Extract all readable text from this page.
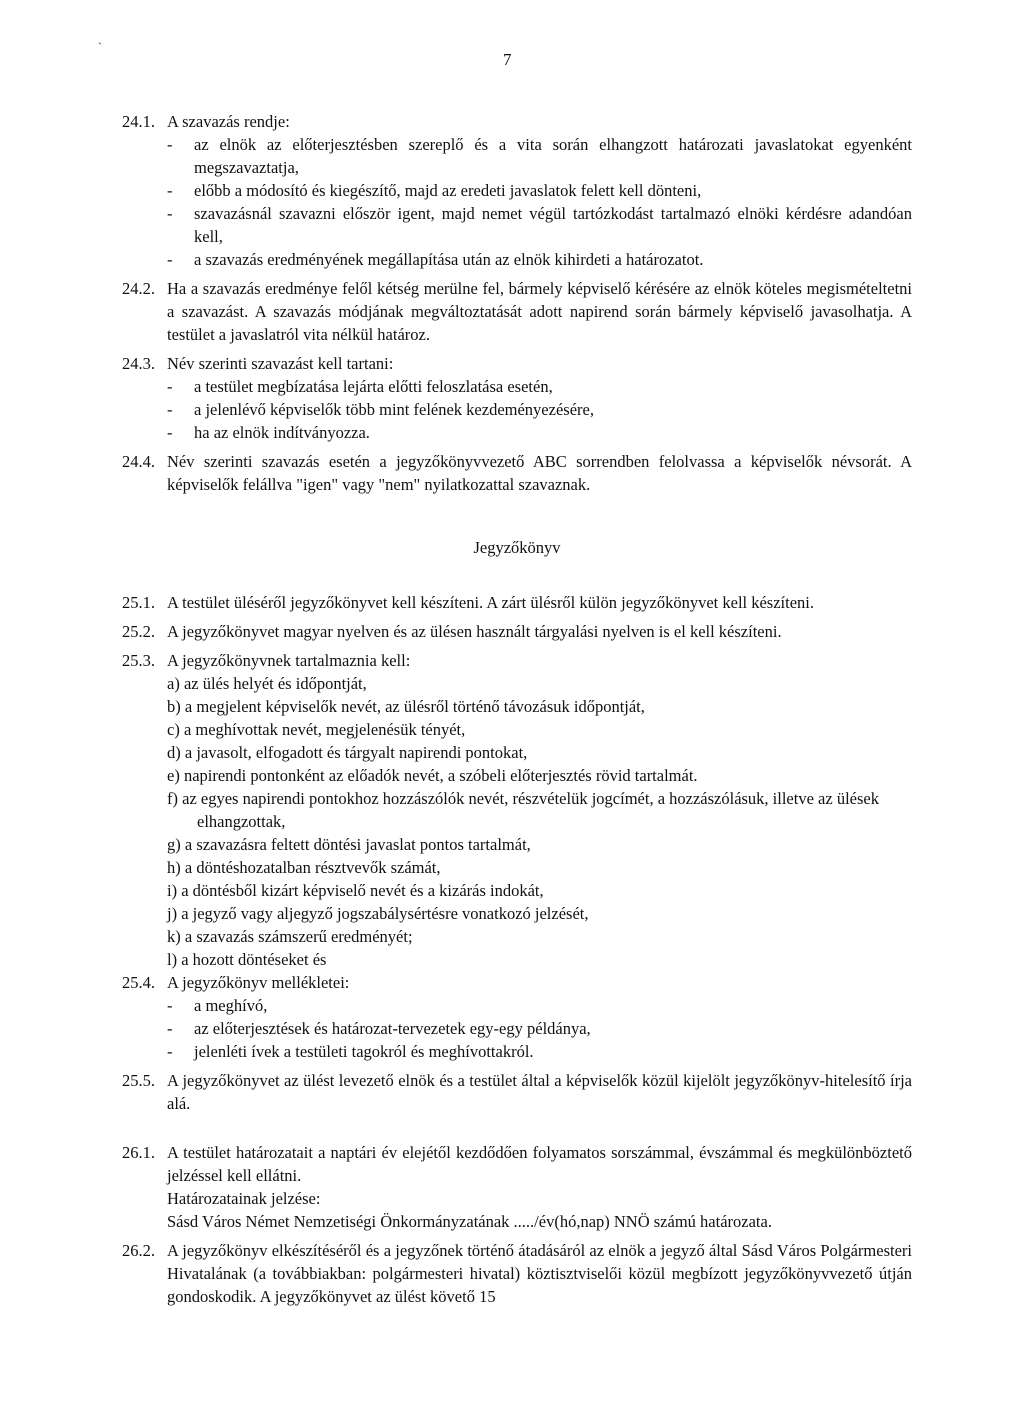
7
`
24.1. A szavazás rendje:
-	az elnök az előterjesztésben szereplő és a vita során elhangzott határozati javaslatokat egyenként megszavaztatja,
-	előbb a módosító és kiegészítő, majd az eredeti javaslatok felett kell dönteni,
-	szavazásnál szavazni először igent, majd nemet végül tartózkodást tartalmazó elnöki kérdésre adandóan kell,
-	a szavazás eredményének megállapítása után az elnök kihirdeti a határozatot.
24.2. Ha a szavazás eredménye felől kétség merülne fel, bármely képviselő kérésére az elnök köteles megismételtetni a szavazást. A szavazás módjának megváltoztatását adott napirend során bármely képviselő javasolhatja. A testület a javaslatról vita nélkül határoz.
24.3. Név szerinti szavazást kell tartani:
-	a testület megbízatása lejárta előtti feloszlatása esetén,
-	a jelenlévő képviselők több mint felének kezdeményezésére,
-	ha az elnök indítványozza.
24.4. Név szerinti szavazás esetén a jegyzőkönyvvezető ABC sorrendben felolvassa a képviselők névsorát. A képviselők felállva "igen" vagy "nem" nyilatkozattal szavaznak.
Jegyzőkönyv
25.1. A testület üléséről jegyzőkönyvet kell készíteni. A zárt ülésről külön jegyzőkönyvet kell készíteni.
25.2. A jegyzőkönyvet magyar nyelven és az ülésen használt tárgyalási nyelven is el kell készíteni.
25.3. A jegyzőkönyvnek tartalmaznia kell:
a) az ülés helyét és időpontját,
b) a megjelent képviselők nevét, az ülésről történő távozásuk időpontját,
c) a meghívottak nevét, megjelenésük tényét,
d) a javasolt, elfogadott és tárgyalt napirendi pontokat,
e) napirendi pontonként az előadók nevét, a szóbeli előterjesztés rövid tartalmát.
f) az egyes napirendi pontokhoz hozzászólók nevét, részvételük jogcímét, a hozzászólásuk, illetve az ülések elhangzottak,
g) a szavazásra feltett döntési javaslat pontos tartalmát,
h) a döntéshozatalban résztvevők számát,
i) a döntésből kizárt képviselő nevét és a kizárás indokát,
j) a jegyző vagy aljegyző jogszabálysértésre vonatkozó jelzését,
k) a szavazás számszerű eredményét;
l) a hozott döntéseket és
25.4. A jegyzőkönyv mellékletei:
-	a meghívó,
-	az előterjesztések és határozat-tervezetek egy-egy példánya,
-	jelenléti ívek a testületi tagokról és meghívottakról.
25.5. A jegyzőkönyvet az ülést levezető elnök és a testület által a képviselők közül kijelölt jegyzőkönyv-hitelesítő írja alá.
26.1. A testület határozatait a naptári év elejétől kezdődően folyamatos sorszámmal, évszámmal és megkülönböztető jelzéssel kell ellátni.
Határozatainak jelzése:
Sásd Város Német Nemzetiségi Önkormányzatának ...../év(hó,nap) NNÖ számú határozata.
26.2. A jegyzőkönyv elkészítéséről és a jegyzőnek történő átadásáról az elnök a jegyző által Sásd Város Polgármesteri Hivatalának (a továbbiakban: polgármesteri hivatal) köztisztviselői közül megbízott jegyzőkönyvvezető útján gondoskodik. A jegyzőkönyvet az ülést követő 15
